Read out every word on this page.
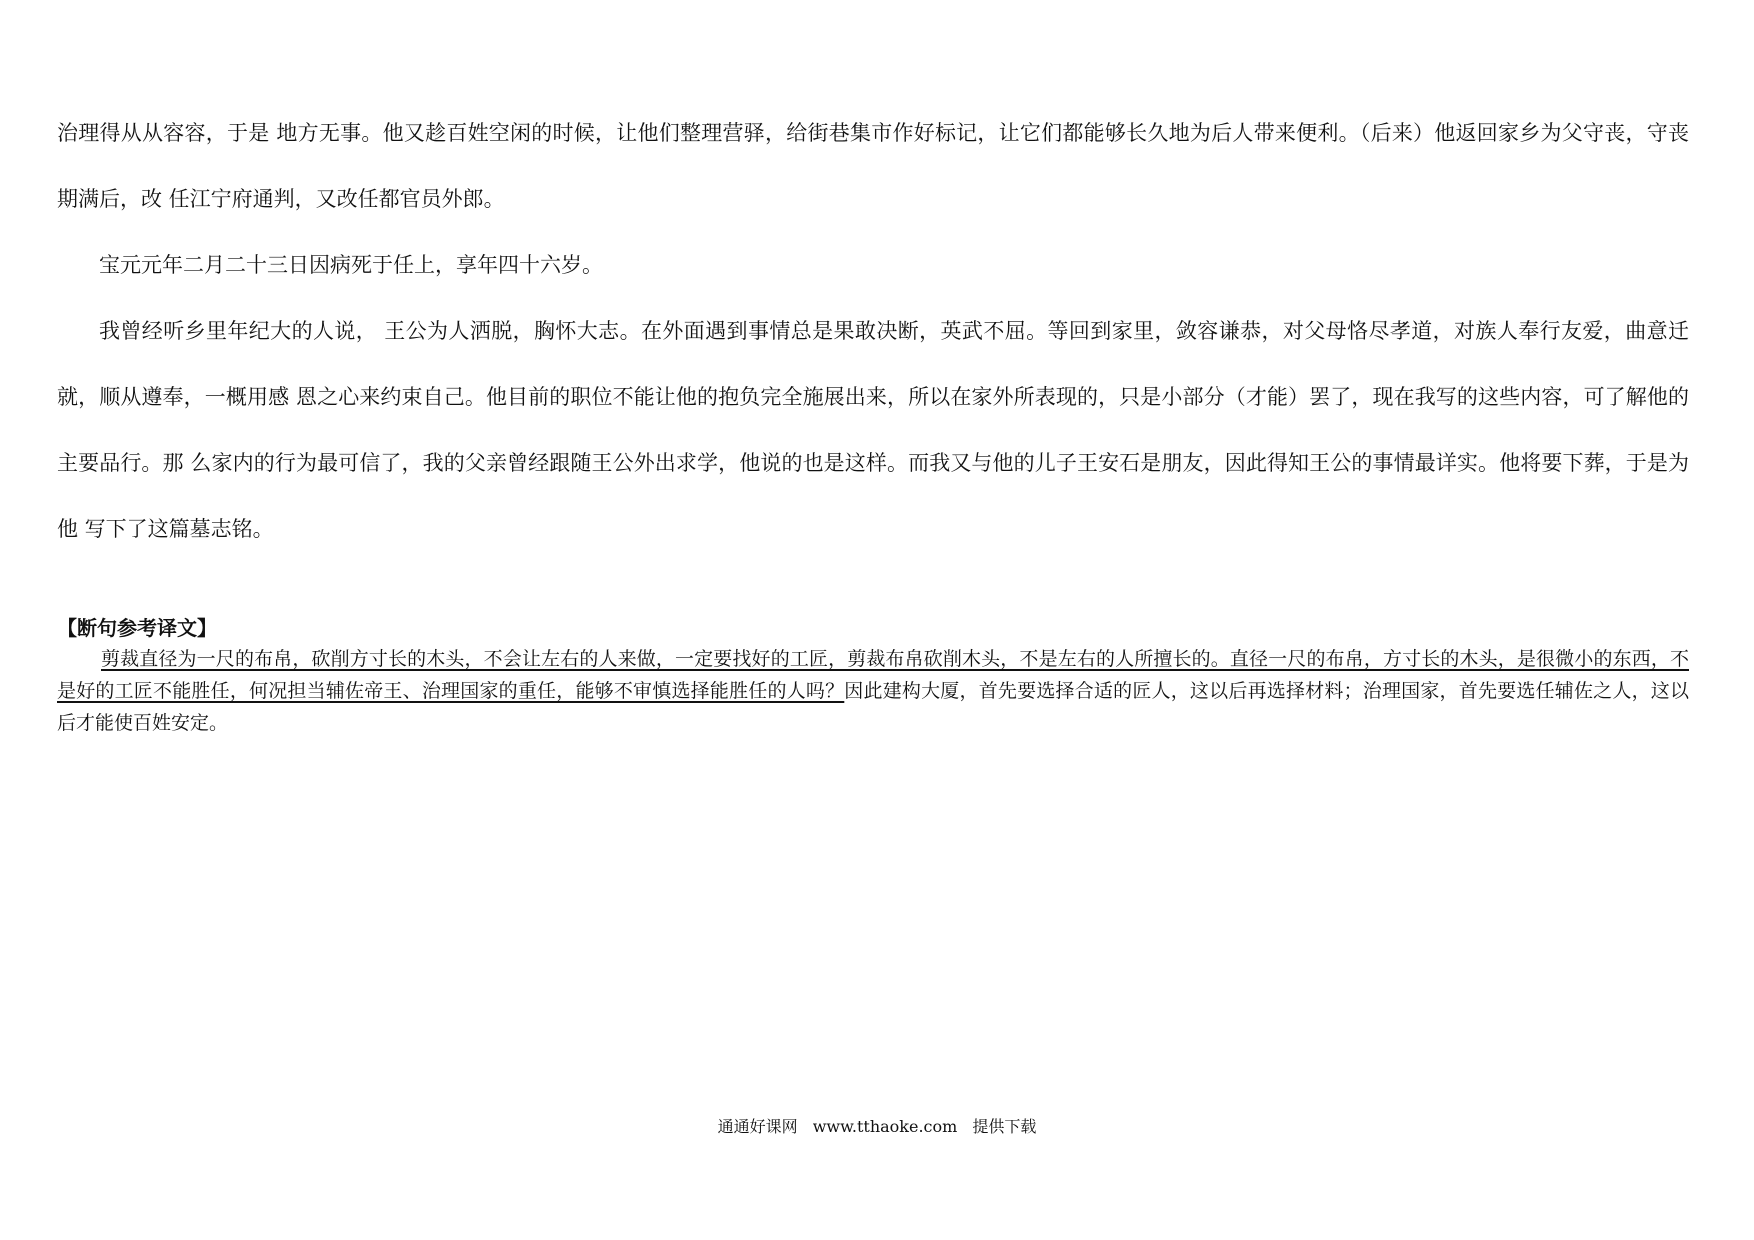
治理得从从容容，于是 地方无事。他又趁百姓空闲的时候，让他们整理营驿，给街巷集市作好标记，让它们都能够长久地为后人带来便利。（后来）他返回家乡为父守丧，守丧期满后，改 任江宁府通判，又改任都官员外郎。

宝元元年二月二十三日因病死于任上，享年四十六岁。

我曾经听乡里年纪大的人说， 王公为人洒脱，胸怀大志。在外面遇到事情总是果敢决断，英武不屈。等回到家里，敛容谦恭，对父母恪尽孝道，对族人奉行友爱，曲意迁就，顺从遵奉，一概用感 恩之心来约束自己。他目前的职位不能让他的抱负完全施展出来，所以在家外所表现的，只是小部分（才能）罢了，现在我写的这些内容，可了解他的主要品行。那 么家内的行为最可信了，我的父亲曾经跟随王公外出求学，他说的也是这样。而我又与他的儿子王安石是朋友，因此得知王公的事情最详实。他将要下葬，于是为他 写下了这篇墓志铭。

【断句参考译文】

剪裁直径为一尺的布帛，砍削方寸长的木头，不会让左右的人来做，一定要找好的工匠，剪裁布帛砍削木头，不是左右的人所擅长的。直径一尺的布帛，方寸长的木头，是很微小的东西，不是好的工匠不能胜任，何况担当辅佐帝王、治理国家的重任，能够不审慎选择能胜任的人吗？因此建构大厦，首先要选择合适的匠人，这以后再选择材料；治理国家，首先要选任辅佐之人，这以后才能使百姓安定。

通通好课网 www.tthaoke.com 提供下载
